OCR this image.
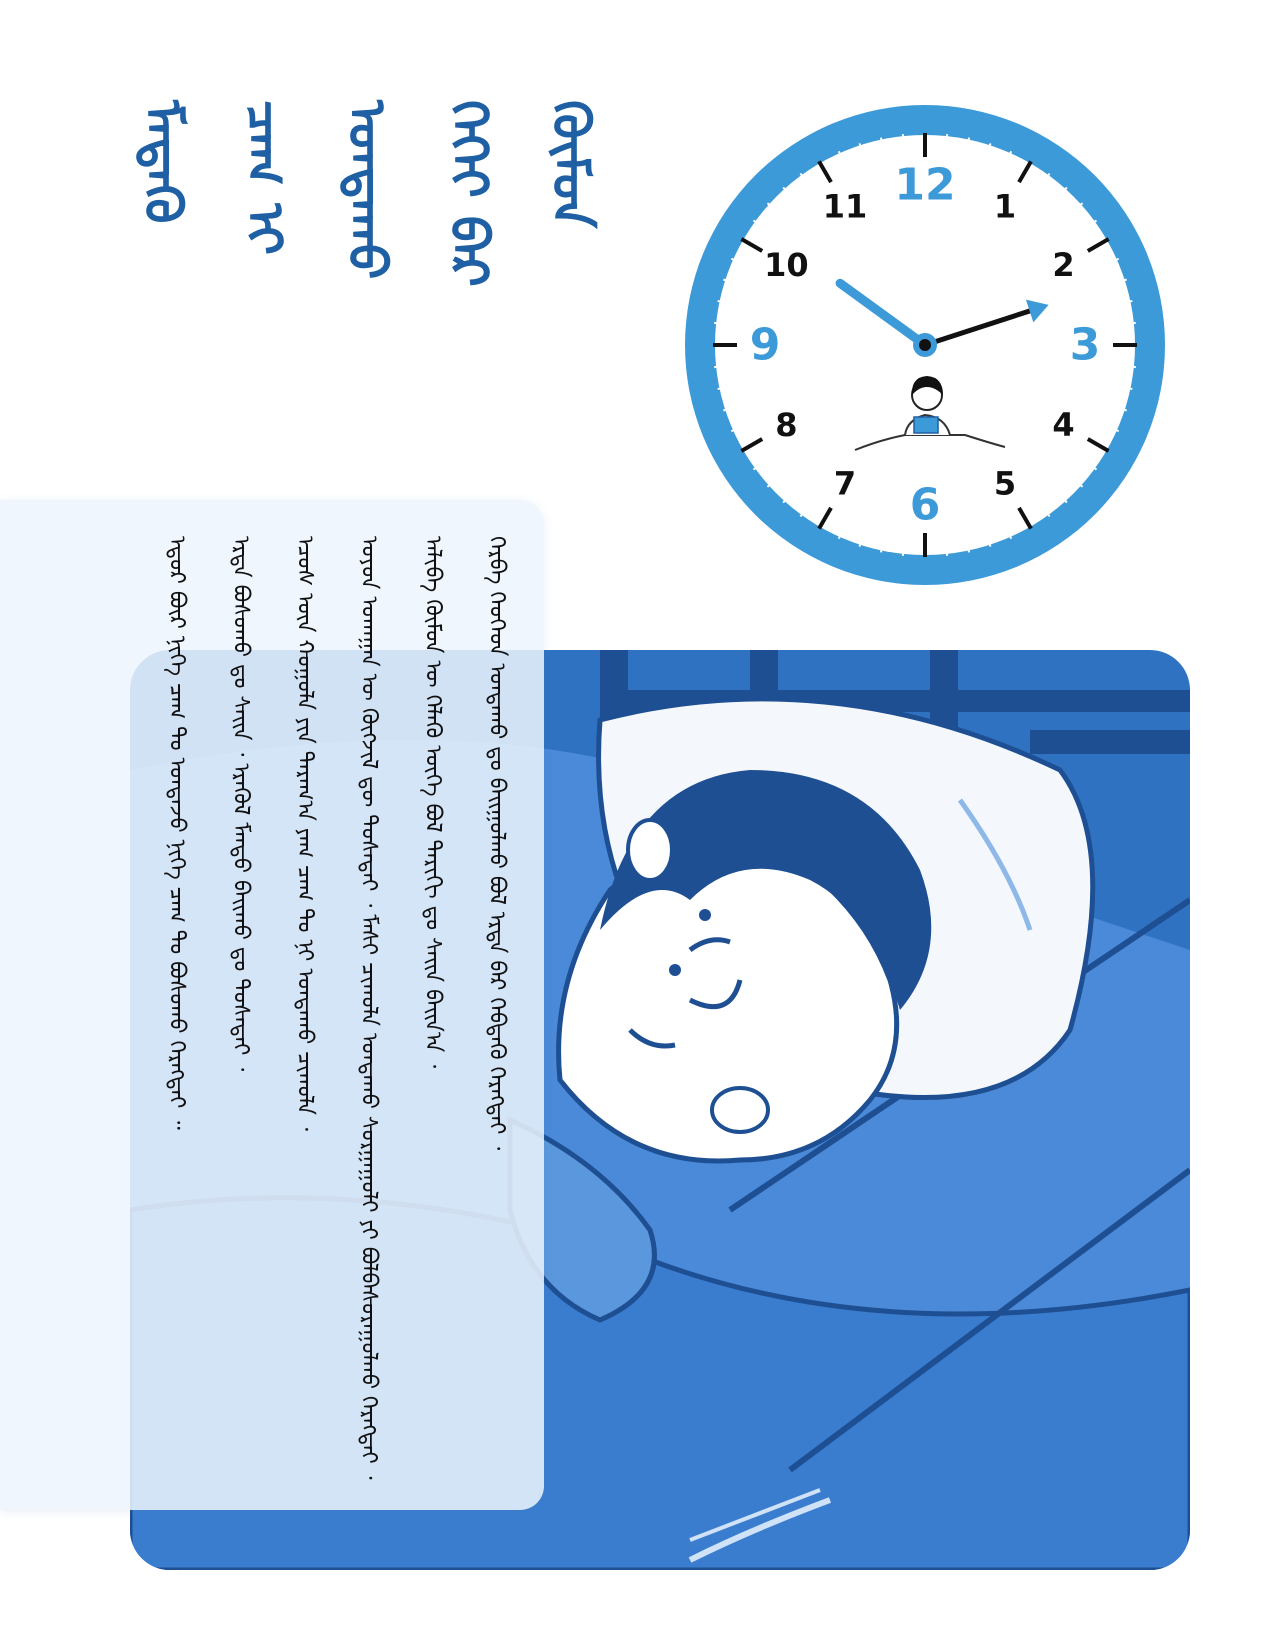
ᠬᠦᠮᠦᠨ
ᠬᠡᠭᠡᠢ ᠪᠡᠷ
ᠤᠨᠲᠠᠬᠤ
ᠴᠠᠭ ᠢ
ᠮᠡᠳᠡᠬᠦ	12 1
2
3
4
5
6
7
8
9
10
11
ᠬᠡᠷᠪᠡ ᠬᠡᠦᠬᠡᠳ ᠤᠨᠲᠠᠬᠤ ᠳᠤ ᠪᠠᠢᠭᠤᠯᠬᠤ ᠪᠣᠯ ᠡᠷᠲᠡ ᠪᠡᠷ ᠬᠡᠪᠲᠡᠬᠦ ᠬᠡᠷᠡᠭᠲᠡᠢ ᠂
ᠠᠯᠢᠪᠠ ᠬᠦᠮᠦᠨ ᠦ ᠬᠡᠯᠡᠬᠦ ᠦᠭᠡ ᠪᠣᠯ ᠲᠠᠷᠢᠬᠢ ᠳᠤ ᠰᠠᠢᠨ ᠪᠠᠢᠨ᠎ᠠ ᠂
ᠣᠶᠤᠨ ᠤᠬᠠᠭᠠᠨ ᠦ ᠬᠥᠭᠵᠢᠯ ᠳᠦ ᠲᠤᠰᠠᠲᠠᠢ ᠂ ᠮᠠᠰᠢ ᠴᠢᠬᠤᠯᠠ ᠤᠨᠲᠠᠬᠤ ᠰᠤᠷᠭᠠᠭᠤᠯᠢ ᠶᠢ ᠪᠣᠯᠪᠠᠰᠤᠷᠠᠭᠤᠯᠬᠤ ᠬᠡᠷᠡᠭᠲᠡᠢ ᠂
ᠡᠴᠦᠰ ᠦᠨ ᠬᠣᠭᠣᠯᠠ ᠶᠢᠨ ᠳᠠᠷᠠᠭ᠎ᠠ ᠶᠠᠭ ᠴᠠᠭ ᠲᠤ ᠨᠢ ᠤᠨᠲᠠᠬᠤ ᠴᠢᠬᠤᠯᠠ ᠂
ᠡᠷᠲᠡ ᠪᠤᠰᠤᠬᠤ ᠳᠤ ᠰᠠᠢᠨ ᠂ ᠡᠷᠡᠭᠦᠯ ᠮᠡᠨᠳᠦ ᠪᠠᠢᠬᠤ ᠳᠤ ᠲᠤᠰᠠᠲᠠᠢ ᠂
ᠡᠳᠦᠷ ᠪᠦᠷ ᠨᠢᠭᠡ ᠴᠠᠭ ᠲᠤ ᠤᠨᠲᠠᠵᠤ ᠨᠢᠭᠡ ᠴᠠᠭ ᠲᠤ ᠪᠣᠰᠤᠬᠤ ᠬᠡᠷᠡᠭᠲᠡᠢ ᠃
